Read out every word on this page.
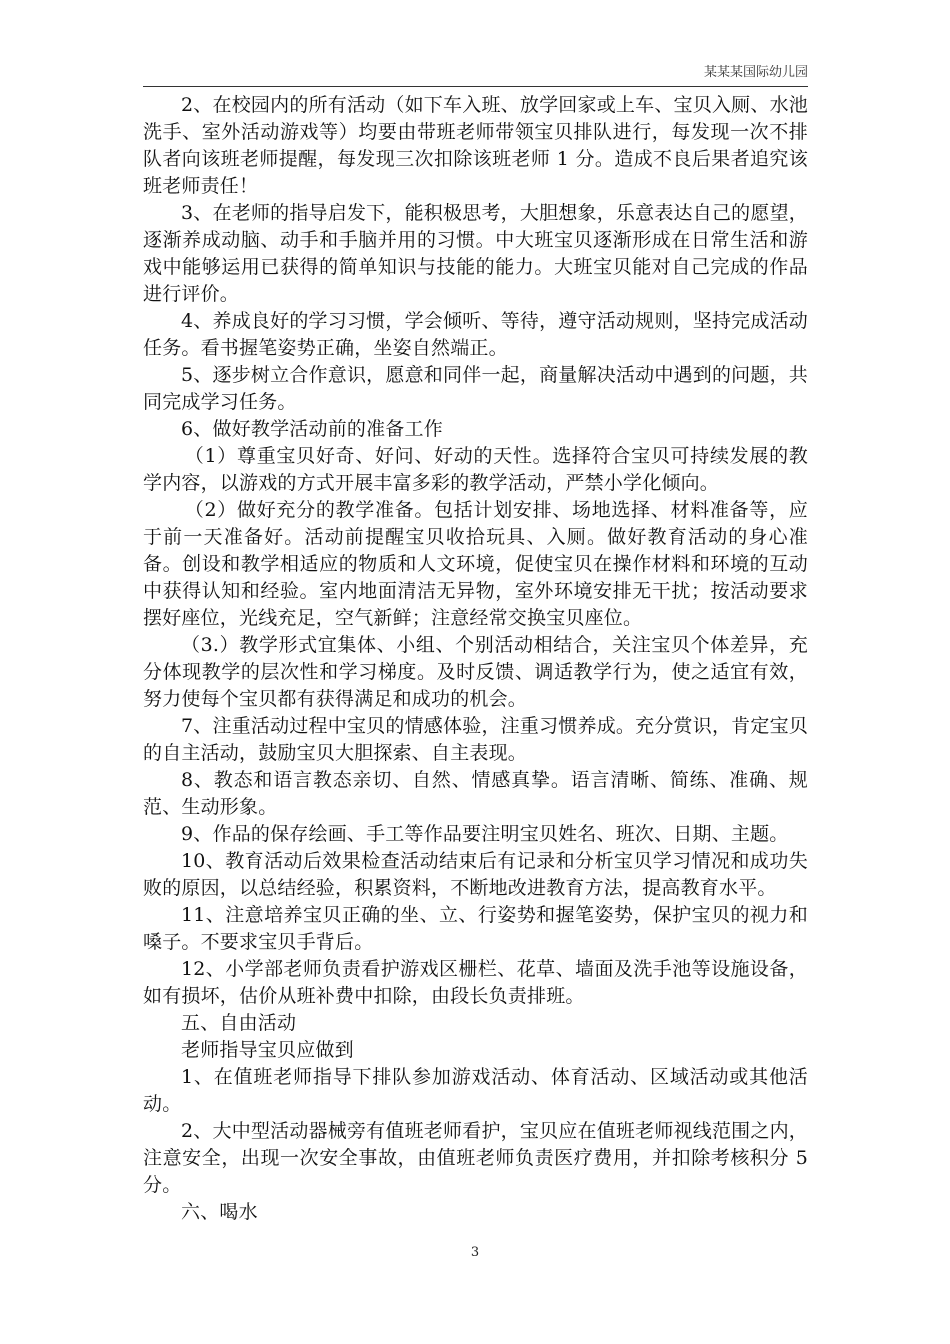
某某某国际幼儿园

2、在校园内的所有活动（如下车入班、放学回家或上车、宝贝入厕、水池洗手、室外活动游戏等）均要由带班老师带领宝贝排队进行，每发现一次不排队者向该班老师提醒，每发现三次扣除该班老师 1 分。造成不良后果者追究该班老师责任！

3、在老师的指导启发下，能积极思考，大胆想象，乐意表达自己的愿望，逐渐养成动脑、动手和手脑并用的习惯。中大班宝贝逐渐形成在日常生活和游戏中能够运用已获得的简单知识与技能的能力。大班宝贝能对自己完成的作品进行评价。

4、养成良好的学习习惯，学会倾听、等待，遵守活动规则，坚持完成活动任务。看书握笔姿势正确，坐姿自然端正。

5、逐步树立合作意识，愿意和同伴一起，商量解决活动中遇到的问题，共同完成学习任务。

6、做好教学活动前的准备工作

（1）尊重宝贝好奇、好问、好动的天性。选择符合宝贝可持续发展的教学内容，以游戏的方式开展丰富多彩的教学活动，严禁小学化倾向。

（2）做好充分的教学准备。包括计划安排、场地选择、材料准备等，应于前一天准备好。活动前提醒宝贝收拾玩具、入厕。做好教育活动的身心准备。创设和教学相适应的物质和人文环境，促使宝贝在操作材料和环境的互动中获得认知和经验。室内地面清洁无异物，室外环境安排无干扰；按活动要求摆好座位，光线充足，空气新鲜；注意经常交换宝贝座位。

（3.）教学形式宜集体、小组、个别活动相结合，关注宝贝个体差异，充分体现教学的层次性和学习梯度。及时反馈、调适教学行为，使之适宜有效，努力使每个宝贝都有获得满足和成功的机会。

7、注重活动过程中宝贝的情感体验，注重习惯养成。充分赏识，肯定宝贝的自主活动，鼓励宝贝大胆探索、自主表现。

8、教态和语言教态亲切、自然、情感真挚。语言清晰、简练、准确、规范、生动形象。

9、作品的保存绘画、手工等作品要注明宝贝姓名、班次、日期、主题。

10、教育活动后效果检查活动结束后有记录和分析宝贝学习情况和成功失败的原因，以总结经验，积累资料，不断地改进教育方法，提高教育水平。

11、注意培养宝贝正确的坐、立、行姿势和握笔姿势，保护宝贝的视力和嗓子。不要求宝贝手背后。

12、小学部老师负责看护游戏区栅栏、花草、墙面及洗手池等设施设备，如有损坏，估价从班补费中扣除，由段长负责排班。

五、自由活动

老师指导宝贝应做到

1、在值班老师指导下排队参加游戏活动、体育活动、区域活动或其他活动。

2、大中型活动器械旁有值班老师看护，宝贝应在值班老师视线范围之内，注意安全，出现一次安全事故，由值班老师负责医疗费用，并扣除考核积分 5 分。

六、喝水

3
